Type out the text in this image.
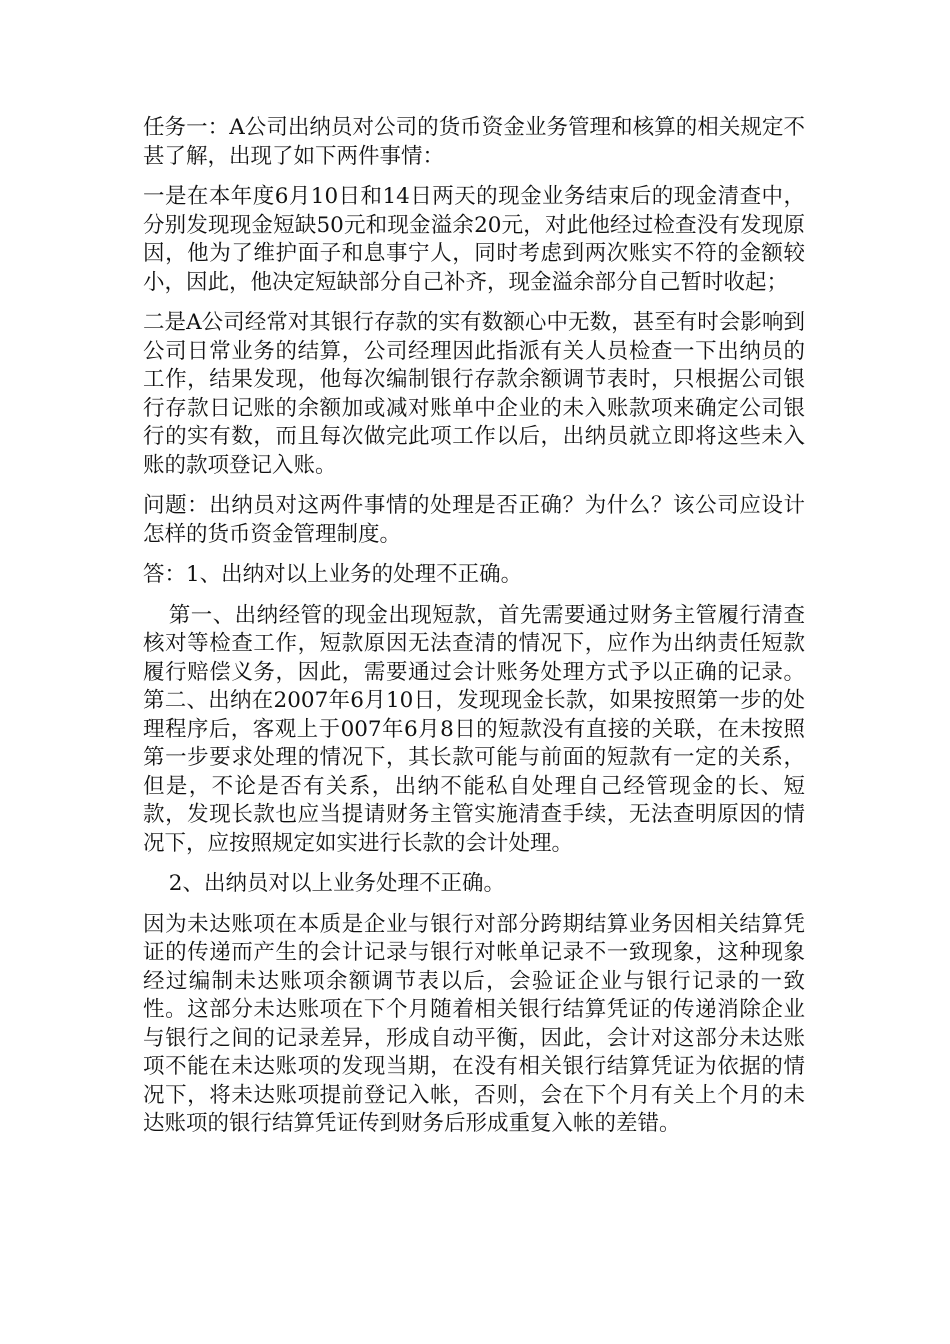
任务一：A公司出纳员对公司的货币资金业务管理和核算的相关规定不甚了解，出现了如下两件事情：

一是在本年度6月10日和14日两天的现金业务结束后的现金清查中，分别发现现金短缺50元和现金溢余20元，对此他经过检查没有发现原因，他为了维护面子和息事宁人，同时考虑到两次账实不符的金额较小，因此，他决定短缺部分自己补齐，现金溢余部分自己暂时收起；

二是A公司经常对其银行存款的实有数额心中无数，甚至有时会影响到公司日常业务的结算，公司经理因此指派有关人员检查一下出纳员的工作，结果发现，他每次编制银行存款余额调节表时，只根据公司银行存款日记账的余额加或减对账单中企业的未入账款项来确定公司银行的实有数，而且每次做完此项工作以后，出纳员就立即将这些未入账的款项登记入账。

问题：出纳员对这两件事情的处理是否正确？为什么？该公司应设计怎样的货币资金管理制度。

答：1、出纳对以上业务的处理不正确。

第一、出纳经管的现金出现短款，首先需要通过财务主管履行清查核对等检查工作，短款原因无法查清的情况下，应作为出纳责任短款履行赔偿义务，因此，需要通过会计账务处理方式予以正确的记录。 第二、出纳在2007年6月10日，发现现金长款，如果按照第一步的处理程序后，客观上于007年6月8日的短款没有直接的关联，在未按照第一步要求处理的情况下，其长款可能与前面的短款有一定的关系，但是，不论是否有关系，出纳不能私自处理自己经管现金的长、短款，发现长款也应当提请财务主管实施清查手续，无法查明原因的情况下，应按照规定如实进行长款的会计处理。

2、出纳员对以上业务处理不正确。

因为未达账项在本质是企业与银行对部分跨期结算业务因相关结算凭证的传递而产生的会计记录与银行对帐单记录不一致现象，这种现象经过编制未达账项余额调节表以后，会验证企业与银行记录的一致性。这部分未达账项在下个月随着相关银行结算凭证的传递消除企业与银行之间的记录差异，形成自动平衡，因此，会计对这部分未达账项不能在未达账项的发现当期，在没有相关银行结算凭证为依据的情况下，将未达账项提前登记入帐，否则，会在下个月有关上个月的未达账项的银行结算凭证传到财务后形成重复入帐的差错。
